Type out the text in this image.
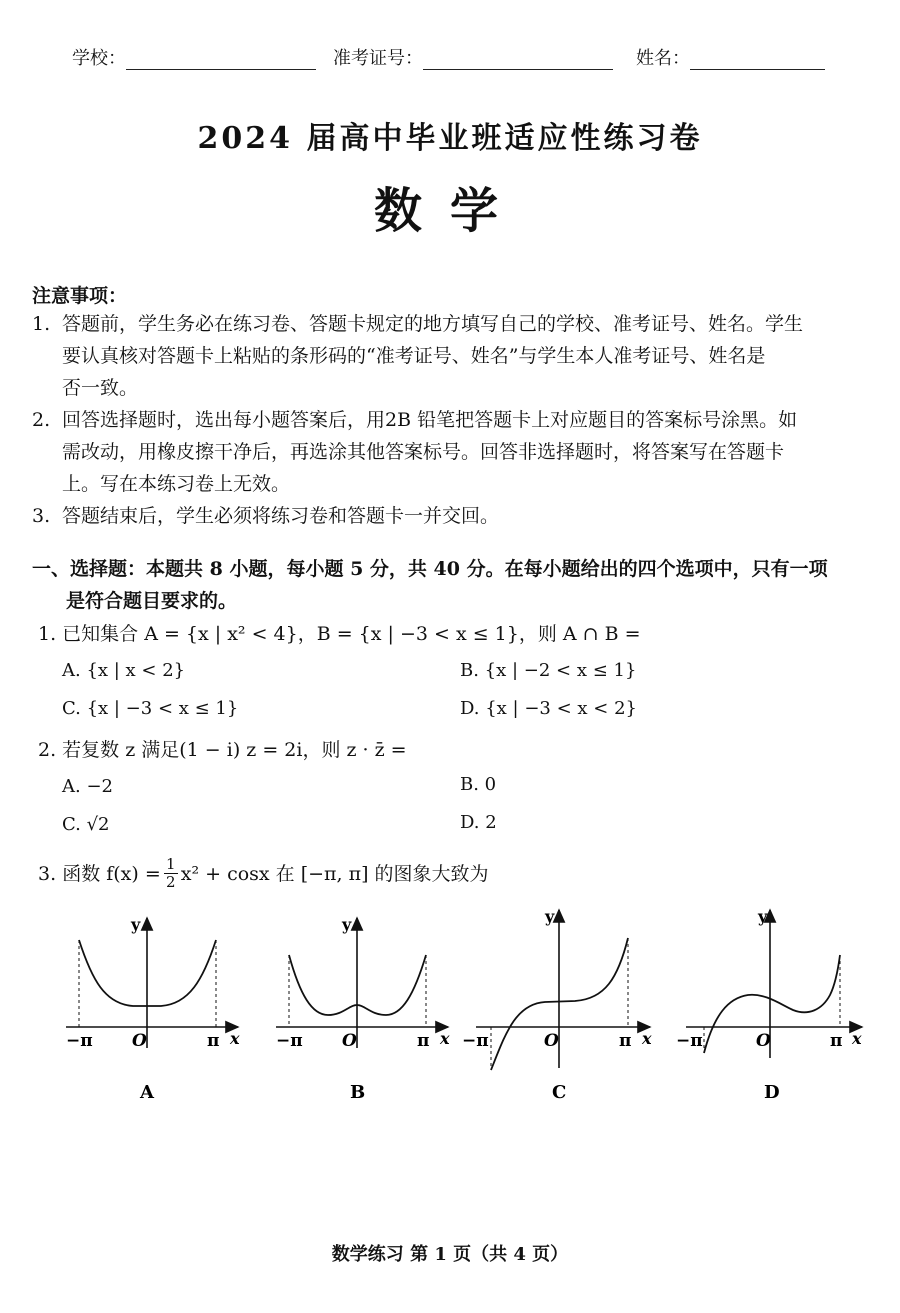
学校：	准考证号：	姓名：
2024 届高中毕业班适应性练习卷
数学
注意事项：
1. 答题前，学生务必在练习卷、答题卡规定的地方填写自己的学校、准考证号、姓名。学生
要认真核对答题卡上粘贴的条形码的“准考证号、姓名”与学生本人准考证号、姓名是
否一致。
2. 回答选择题时，选出每小题答案后，用2B 铅笔把答题卡上对应题目的答案标号涂黑。如
需改动，用橡皮擦干净后，再选涂其他答案标号。回答非选择题时，将答案写在答题卡
上。写在本练习卷上无效。
3. 答题结束后，学生必须将练习卷和答题卡一并交回。
一、选择题：本题共 8 小题，每小题 5 分，共 40 分。在每小题给出的四个选项中，只有一项
是符合题目要求的。
1. 已知集合 A = {x | x² < 4}，B = {x | −3 < x ≤ 1}，则 A ∩ B =
A. {x | x < 2}	B. {x | −2 < x ≤ 1}
C. {x | −3 < x ≤ 1}	D. {x | −3 < x < 2}
2. 若复数 z 满足(1 − i) z = 2i，则 z · z̄ =
A. −2	B. 0
C. √2	D. 2
3.
函数 f(x) = 1
2 x² + cosx 在 [−π, π] 的图象大致为
y
x
O
−π	π
A
y
x
O
−π	π
B
y
x
O
−π	π
C
y
x
O
−π	π
D
数学练习 第 1 页（共 4 页）
